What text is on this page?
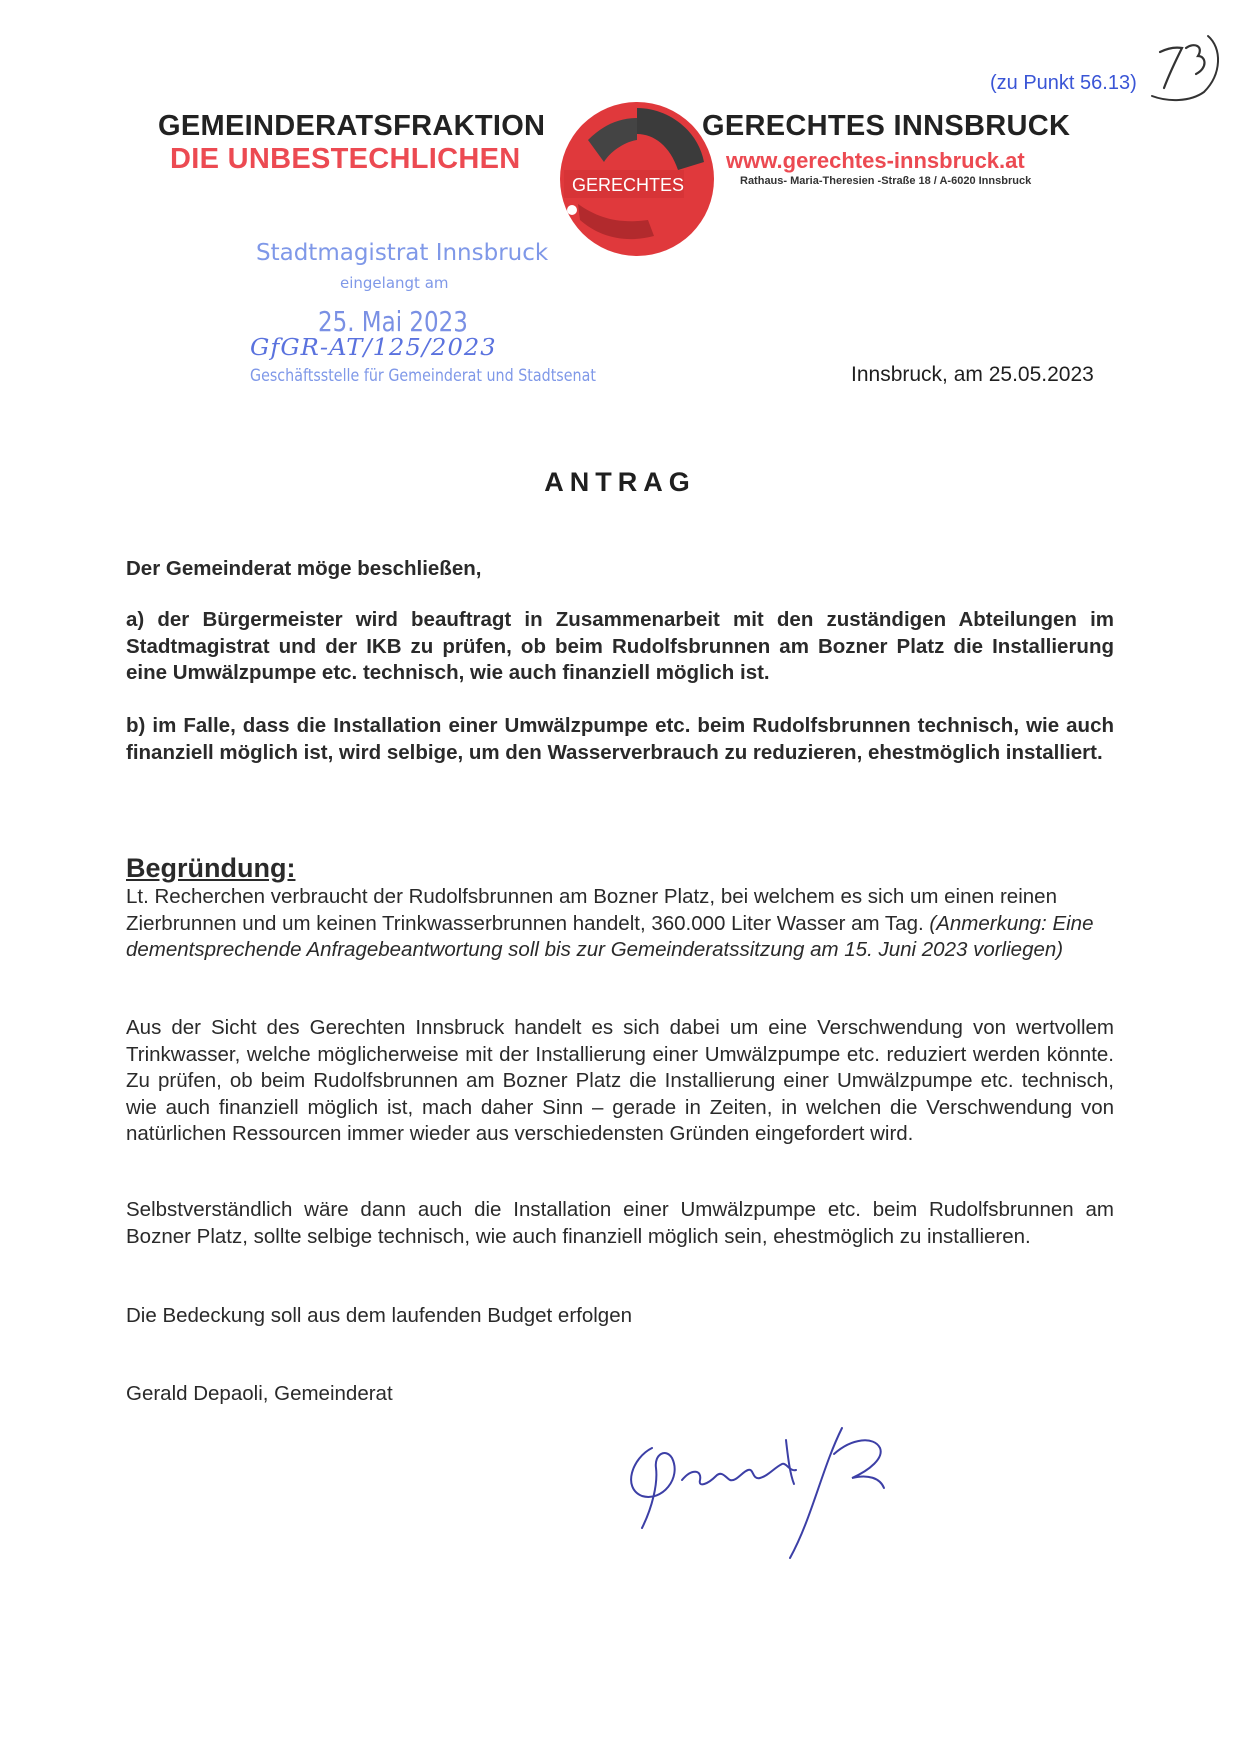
(zu Punkt 56.13)
GEMEINDERATSFRAKTION
DIE UNBESTECHLICHEN
GERECHTES
GERECHTES INNSBRUCK
www.gerechtes-innsbruck.at
Rathaus- Maria-Theresien -Straße 18 / A-6020 Innsbruck
Stadtmagistrat Innsbruck
eingelangt am
25. Mai 2023
GfGR-AT/125/2023
Geschäftsstelle für Gemeinderat und Stadtsenat	Innsbruck, am 25.05.2023
ANTRAG
Der Gemeinderat möge beschließen,
a) der Bürgermeister wird beauftragt in Zusammenarbeit mit den zuständigen Abteilungen im Stadtmagistrat und der IKB zu prüfen, ob beim Rudolfsbrunnen am Bozner Platz die Installierung eine Umwälzpumpe etc. technisch, wie auch finanziell möglich ist.
b) im Falle, dass die Installation einer Umwälzpumpe etc. beim Rudolfsbrunnen technisch, wie auch finanziell möglich ist, wird selbige, um den Wasserverbrauch zu reduzieren, ehestmöglich installiert.
Begründung:
Lt. Recherchen verbraucht der Rudolfsbrunnen am Bozner Platz, bei welchem es sich um einen reinen Zierbrunnen und um keinen Trinkwasserbrunnen handelt, 360.000 Liter Wasser am Tag. (Anmerkung: Eine dementsprechende Anfragebeantwortung soll bis zur Gemeinderatssitzung am 15. Juni 2023 vorliegen)
Aus der Sicht des Gerechten Innsbruck handelt es sich dabei um eine Verschwendung von wertvollem Trinkwasser, welche möglicherweise mit der Installierung einer Umwälzpumpe etc. reduziert werden könnte. Zu prüfen, ob beim Rudolfsbrunnen am Bozner Platz die Installierung einer Umwälzpumpe etc. technisch, wie auch finanziell möglich ist, mach daher Sinn – gerade in Zeiten, in welchen die Verschwendung von natürlichen Ressourcen immer wieder aus verschiedensten Gründen eingefordert wird.
Selbstverständlich wäre dann auch die Installation einer Umwälzpumpe etc. beim Rudolfsbrunnen am Bozner Platz, sollte selbige technisch, wie auch finanziell möglich sein, ehestmöglich zu installieren.
Die Bedeckung soll aus dem laufenden Budget erfolgen
Gerald Depaoli, Gemeinderat
